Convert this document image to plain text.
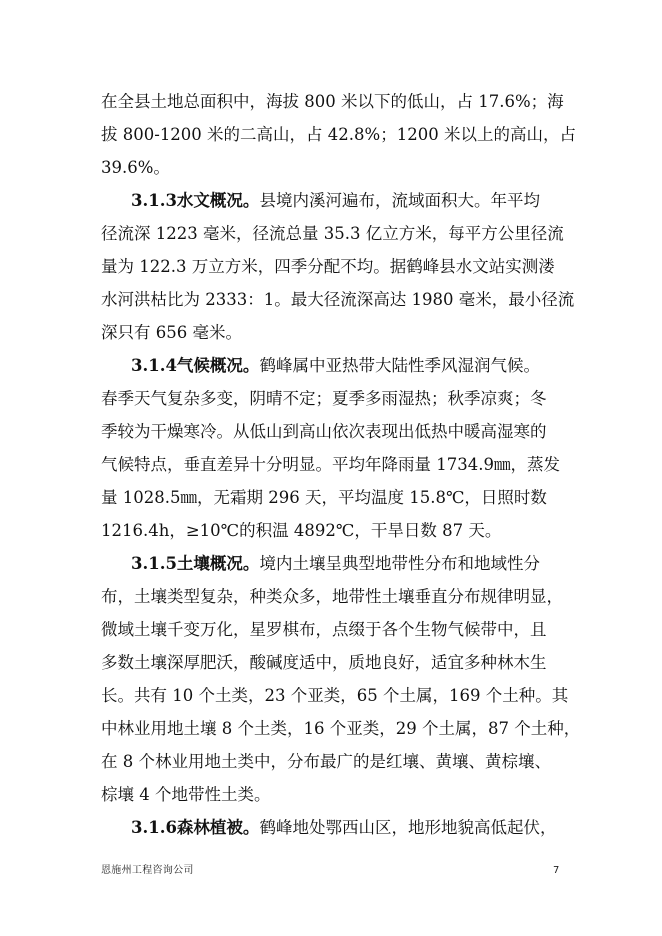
在全县土地总面积中，海拔 800 米以下的低山，占 17.6%；海
拔 800-1200 米的二高山，占 42.8%；1200 米以上的高山，占
39.6%。
3.1.3水文概况。县境内溪河遍布，流域面积大。年平均
径流深 1223 毫米，径流总量 35.3 亿立方米，每平方公里径流
量为 122.3 万立方米，四季分配不均。据鹤峰县水文站实测溇
水河洪枯比为 2333：1。最大径流深高达 1980 毫米，最小径流
深只有 656 毫米。
3.1.4气候概况。鹤峰属中亚热带大陆性季风湿润气候。
春季天气复杂多变，阴晴不定；夏季多雨湿热；秋季凉爽；冬
季较为干燥寒冷。从低山到高山依次表现出低热中暖高湿寒的
气候特点，垂直差异十分明显。平均年降雨量 1734.9㎜，蒸发
量 1028.5㎜，无霜期 296 天，平均温度 15.8℃，日照时数
1216.4h，≥10℃的积温 4892℃，干旱日数 87 天。
3.1.5土壤概况。境内土壤呈典型地带性分布和地域性分
布，土壤类型复杂，种类众多，地带性土壤垂直分布规律明显，
微域土壤千变万化，星罗棋布，点缀于各个生物气候带中，且
多数土壤深厚肥沃，酸碱度适中，质地良好，适宜多种林木生
长。共有 10 个土类，23 个亚类，65 个土属，169 个土种。其
中林业用地土壤 8 个土类，16 个亚类，29 个土属，87 个土种，
在 8 个林业用地土类中，分布最广的是红壤、黄壤、黄棕壤、
棕壤 4 个地带性土类。
3.1.6森林植被。鹤峰地处鄂西山区，地形地貌高低起伏，
恩施州工程咨询公司	7
